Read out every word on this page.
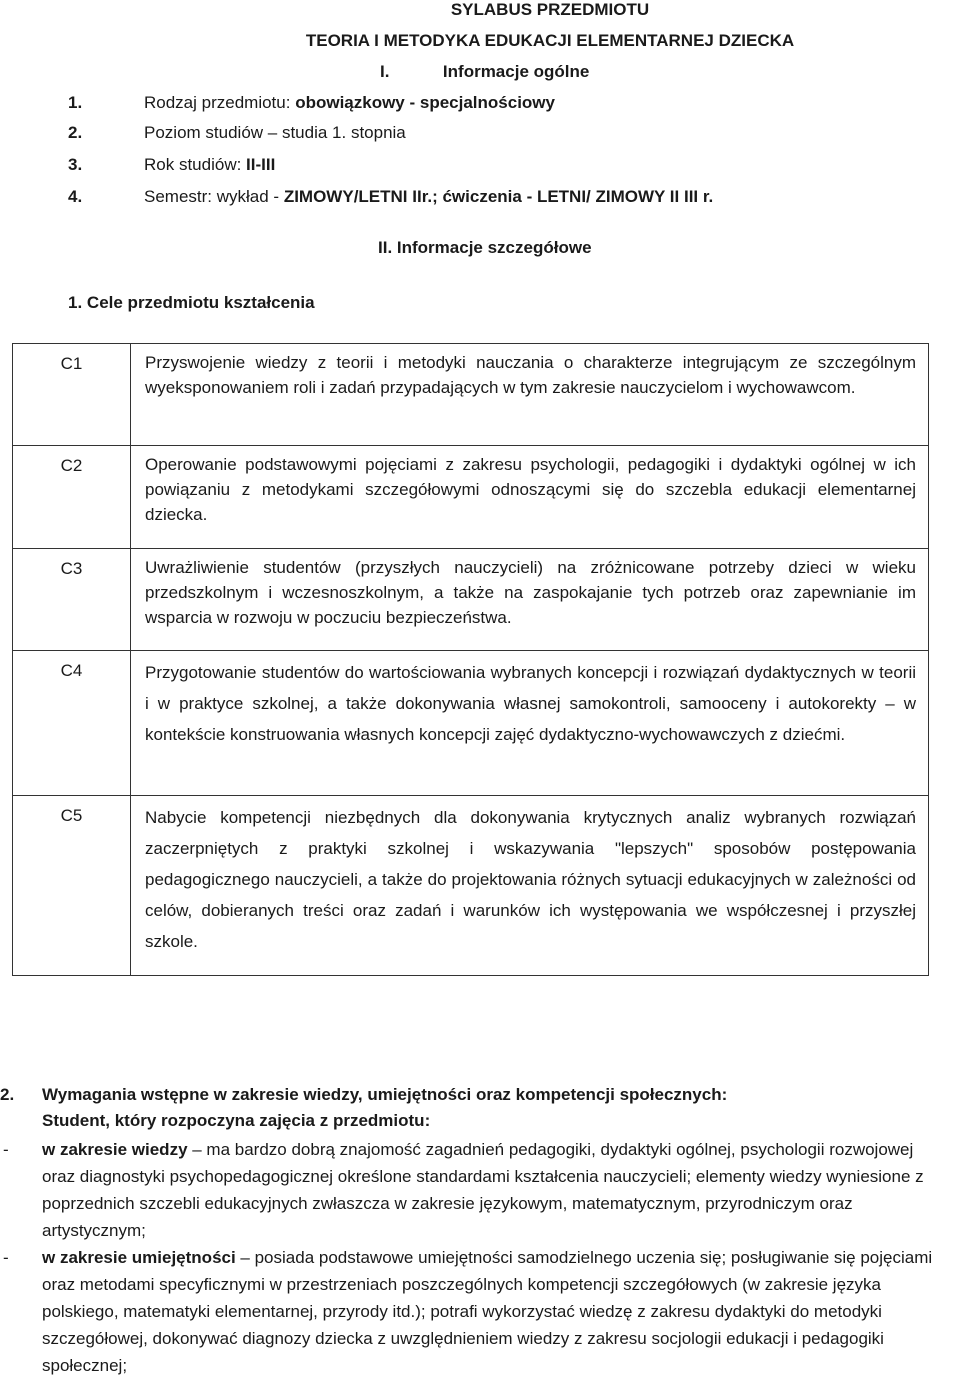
SYLABUS PRZEDMIOTU
TEORIA I METODYKA EDUKACJI ELEMENTARNEJ DZIECKA
I.	Informacje ogólne
1.	Rodzaj przedmiotu: obowiązkowy - specjalnościowy
2.	Poziom studiów – studia 1. stopnia
3.	Rok studiów: II-III
4.	Semestr: wykład - ZIMOWY/LETNI IIr.; ćwiczenia - LETNI/ ZIMOWY II III r.
II. Informacje szczegółowe
1. Cele przedmiotu kształcenia
C1	Przyswojenie wiedzy z teorii i metodyki nauczania o charakterze integrującym ze szczególnym wyeksponowaniem roli i zadań przypadających w tym zakresie nauczycielom i wychowawcom.
C2	Operowanie podstawowymi pojęciami z zakresu psychologii, pedagogiki i dydaktyki ogólnej w ich powiązaniu z metodykami szczegółowymi odnoszącymi się do szczebla edukacji elementarnej dziecka.
C3	Uwrażliwienie studentów (przyszłych nauczycieli) na zróżnicowane potrzeby dzieci w wieku przedszkolnym i wczesnoszkolnym, a także na zaspokajanie tych potrzeb oraz zapewnianie im wsparcia w rozwoju w poczuciu bezpieczeństwa.
C4	Przygotowanie studentów do wartościowania wybranych koncepcji i rozwiązań dydaktycznych w teorii i w praktyce szkolnej, a także dokonywania własnej samokontroli, samooceny i autokorekty – w kontekście konstruowania własnych koncepcji zajęć dydaktyczno-wychowawczych z dziećmi.
C5	Nabycie kompetencji niezbędnych dla dokonywania krytycznych analiz wybranych rozwiązań zaczerpniętych z praktyki szkolnej i wskazywania "lepszych" sposobów postępowania pedagogicznego nauczycieli, a także do projektowania różnych sytuacji edukacyjnych w zależności od celów, dobieranych treści oraz zadań i warunków ich występowania we współczesnej i przyszłej szkole.
2. Wymagania wstępne w zakresie wiedzy, umiejętności oraz kompetencji społecznych:
Student, który rozpoczyna zajęcia z przedmiotu:

- w zakresie wiedzy – ma bardzo dobrą znajomość zagadnień pedagogiki, dydaktyki ogólnej, psychologii rozwojowej oraz diagnostyki psychopedagogicznej określone standardami kształcenia nauczycieli; elementy wiedzy wyniesione z poprzednich szczebli edukacyjnych zwłaszcza w zakresie językowym, matematycznym, przyrodniczym oraz artystycznym;

- w zakresie umiejętności – posiada podstawowe umiejętności samodzielnego uczenia się; posługiwanie się pojęciami oraz metodami specyficznymi w przestrzeniach poszczególnych kompetencji szczegółowych (w zakresie języka polskiego, matematyki elementarnej, przyrody itd.); potrafi wykorzystać wiedzę z zakresu dydaktyki do metodyki szczegółowej, dokonywać diagnozy dziecka z uwzględnieniem wiedzy z zakresu socjologii edukacji i pedagogiki społecznej;
